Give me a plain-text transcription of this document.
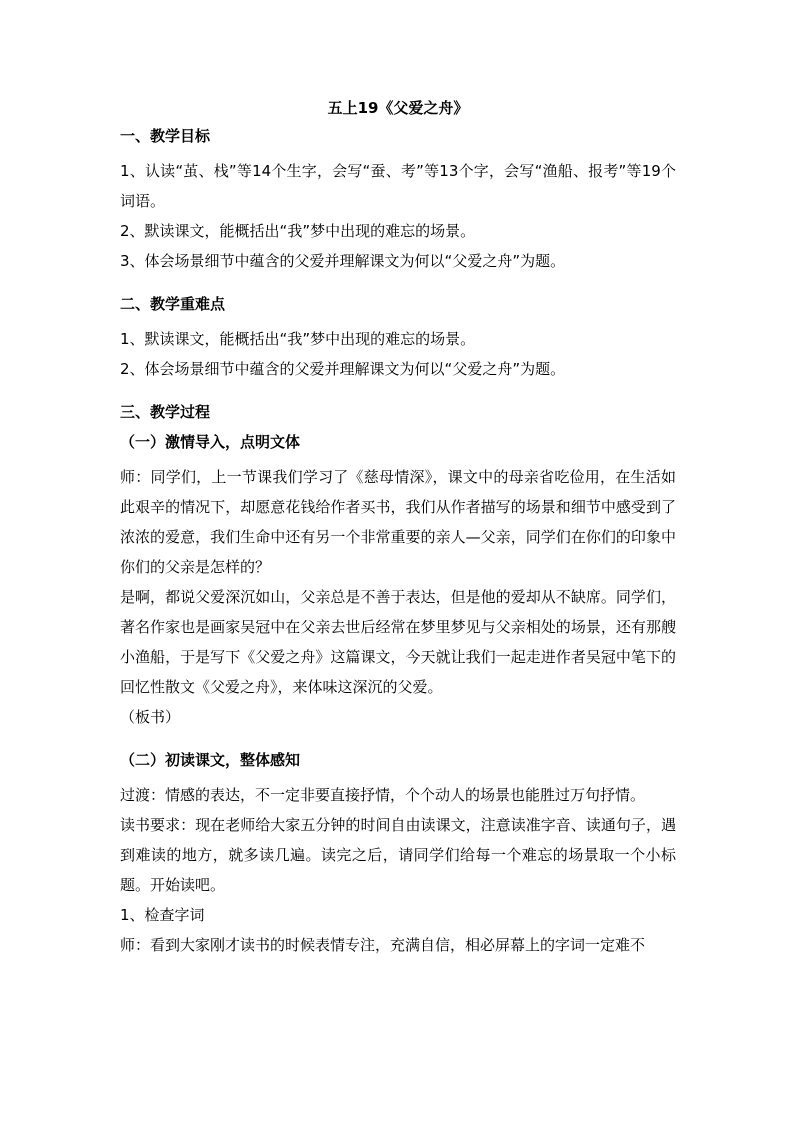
五上19《父爱之舟》
一、教学目标

1、认读“茧、栈”等14个生字，会写“蚕、考”等13个字，会写“渔船、报考”等19个词语。

2、默读课文，能概括出“我”梦中出现的难忘的场景。

3、体会场景细节中蕴含的父爱并理解课文为何以“父爱之舟”为题。

二、教学重难点

1、默读课文，能概括出“我”梦中出现的难忘的场景。

2、体会场景细节中蕴含的父爱并理解课文为何以“父爱之舟”为题。

三、教学过程
（一）激情导入，点明文体

师：同学们，上一节课我们学习了《慈母情深》，课文中的母亲省吃俭用，在生活如此艰辛的情况下，却愿意花钱给作者买书，我们从作者描写的场景和细节中感受到了浓浓的爱意，我们生命中还有另一个非常重要的亲人—父亲，同学们在你们的印象中你们的父亲是怎样的？

是啊，都说父爱深沉如山，父亲总是不善于表达，但是他的爱却从不缺席。同学们，著名作家也是画家吴冠中在父亲去世后经常在梦里梦见与父亲相处的场景，还有那艘小渔船，于是写下《父爱之舟》这篇课文，今天就让我们一起走进作者吴冠中笔下的回忆性散文《父爱之舟》，来体味这深沉的父爱。

（板书）

（二）初读课文，整体感知

过渡：情感的表达，不一定非要直接抒情，个个动人的场景也能胜过万句抒情。

读书要求：现在老师给大家五分钟的时间自由读课文，注意读准字音、读通句子，遇到难读的地方，就多读几遍。读完之后，请同学们给每一个难忘的场景取一个小标题。开始读吧。

1、检查字词

师：看到大家刚才读书的时候表情专注，充满自信，相必屏幕上的字词一定难不
